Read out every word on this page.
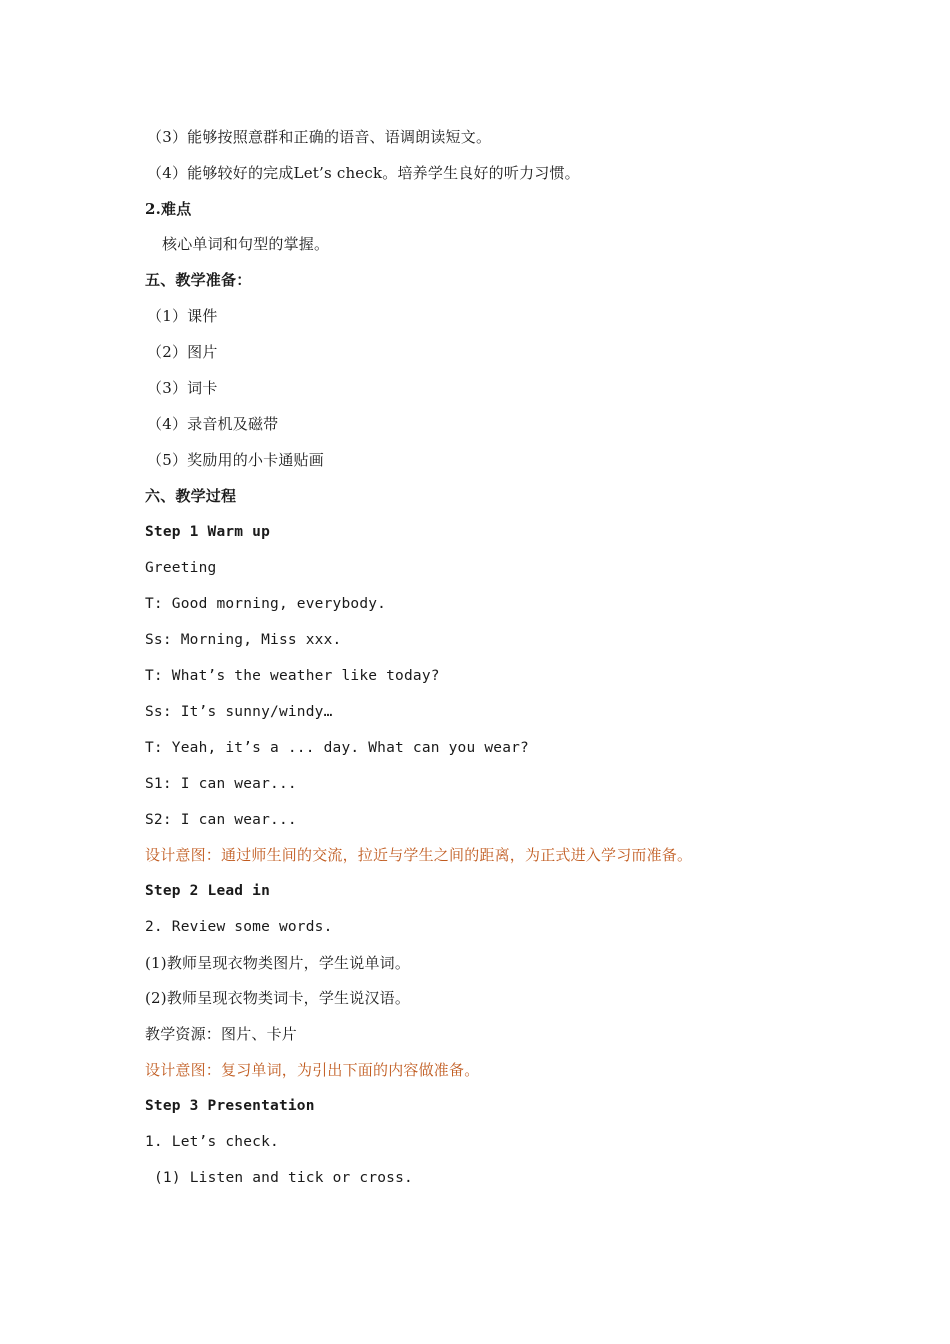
（3）能够按照意群和正确的语音、语调朗读短文。
（4）能够较好的完成Let’s check。培养学生良好的听力习惯。
2.难点
核心单词和句型的掌握。
五、教学准备：
（1）课件
（2）图片
（3）词卡
（4）录音机及磁带
（5）奖励用的小卡通贴画
六、教学过程
Step 1 Warm up
Greeting
T: Good morning, everybody.
Ss: Morning, Miss xxx.
T: What’s the weather like today?
Ss: It’s sunny/windy…
T: Yeah, it’s a ... day. What can you wear?
S1: I can wear...
S2: I can wear...
设计意图：通过师生间的交流，拉近与学生之间的距离，为正式进入学习而准备。
Step 2 Lead in
2. Review some words.
(1)教师呈现衣物类图片，学生说单词。
(2)教师呈现衣物类词卡，学生说汉语。
教学资源：图片、卡片
设计意图：复习单词，为引出下面的内容做准备。
Step 3 Presentation
1. Let’s check.
(1) Listen and tick or cross.
